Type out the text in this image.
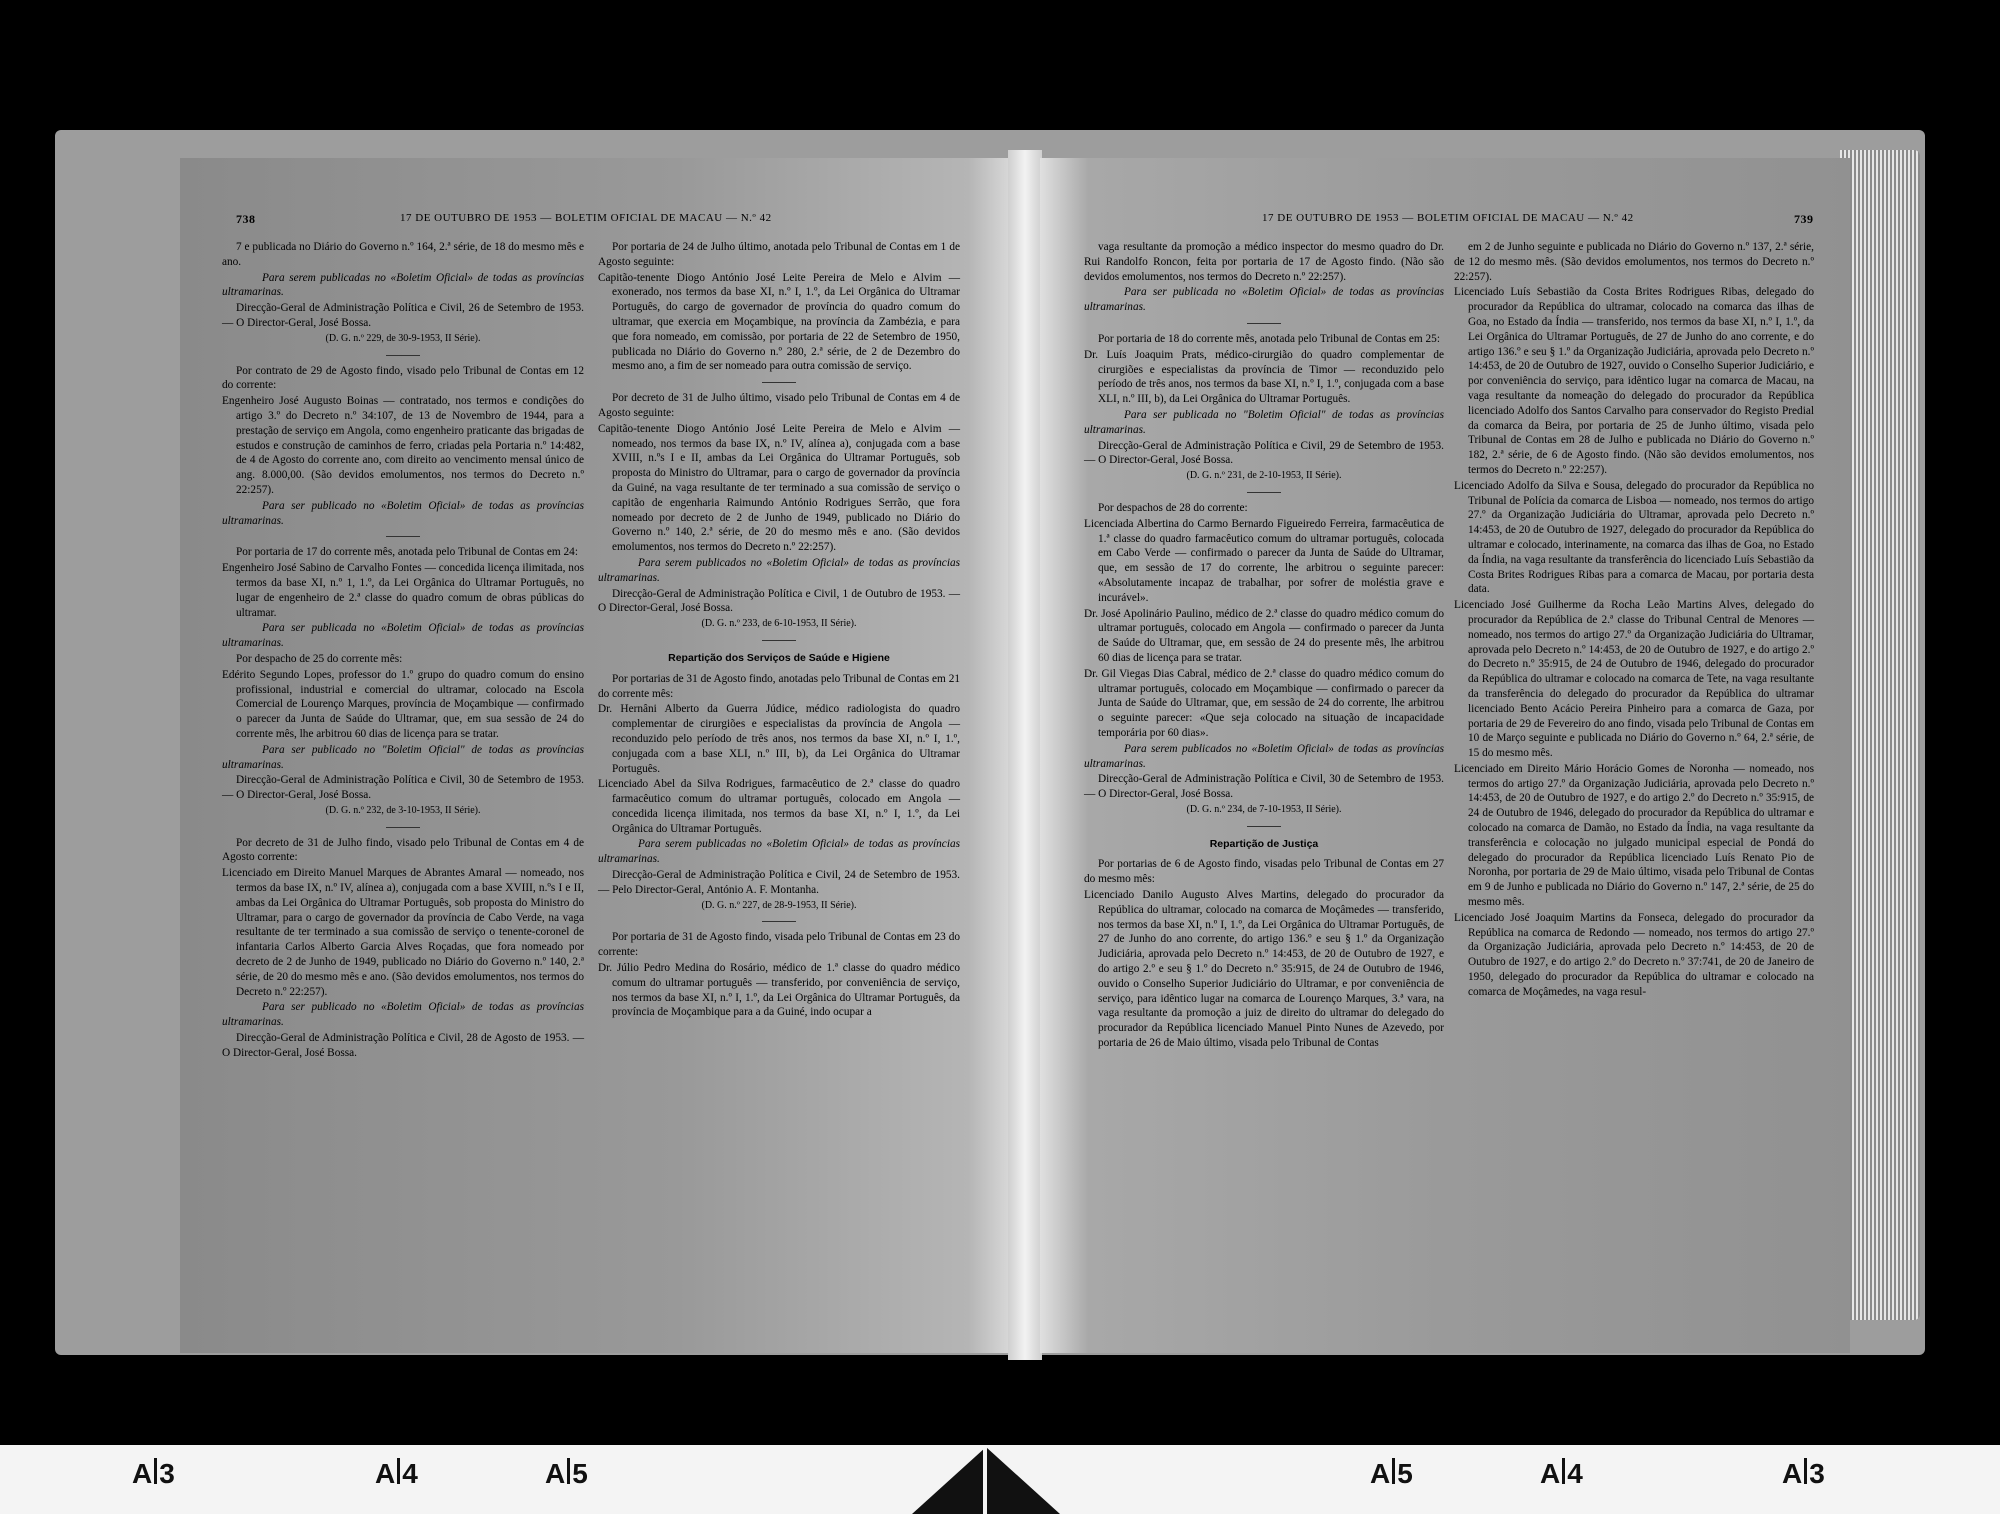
738	17 DE OUTUBRO DE 1953 — BOLETIM OFICIAL DE MACAU — N.º 42

7 e publicada no Diário do Governo n.º 164, 2.ª série, de 18 do mesmo mês e ano.

Para serem publicadas no «Boletim Oficial» de todas as províncias ultramarinas.

Direcção-Geral de Administração Política e Civil, 26 de Setembro de 1953. — O Director-Geral, José Bossa.

(D. G. n.º 229, de 30-9-1953, II Série).

Por contrato de 29 de Agosto findo, visado pelo Tribunal de Contas em 12 do corrente:

Engenheiro José Augusto Boinas — contratado, nos termos e condições do artigo 3.º do Decreto n.º 34:107, de 13 de Novembro de 1944, para a prestação de serviço em Angola, como engenheiro praticante das brigadas de estudos e construção de caminhos de ferro, criadas pela Portaria n.º 14:482, de 4 de Agosto do corrente ano, com direito ao vencimento mensal único de ang. 8.000,00. (São devidos emolumentos, nos termos do Decreto n.º 22:257).

Para ser publicado no «Boletim Oficial» de todas as províncias ultramarinas.

Por portaria de 17 do corrente mês, anotada pelo Tribunal de Contas em 24:

Engenheiro José Sabino de Carvalho Fontes — concedida licença ilimitada, nos termos da base XI, n.º 1, 1.º, da Lei Orgânica do Ultramar Português, no lugar de engenheiro de 2.ª classe do quadro comum de obras públicas do ultramar.

Para ser publicada no «Boletim Oficial» de todas as províncias ultramarinas.

Por despacho de 25 do corrente mês:

Edérito Segundo Lopes, professor do 1.º grupo do quadro comum do ensino profissional, industrial e comercial do ultramar, colocado na Escola Comercial de Lourenço Marques, província de Moçambique — confirmado o parecer da Junta de Saúde do Ultramar, que, em sua sessão de 24 do corrente mês, lhe arbitrou 60 dias de licença para se tratar.

Para ser publicado no "Boletim Oficial" de todas as províncias ultramarinas.

Direcção-Geral de Administração Política e Civil, 30 de Setembro de 1953. — O Director-Geral, José Bossa.

(D. G. n.º 232, de 3-10-1953, II Série).

Por decreto de 31 de Julho findo, visado pelo Tribunal de Contas em 4 de Agosto corrente:

Licenciado em Direito Manuel Marques de Abrantes Amaral — nomeado, nos termos da base IX, n.º IV, alínea a), conjugada com a base XVIII, n.ºs I e II, ambas da Lei Orgânica do Ultramar Português, sob proposta do Ministro do Ultramar, para o cargo de governador da província de Cabo Verde, na vaga resultante de ter terminado a sua comissão de serviço o tenente-coronel de infantaria Carlos Alberto Garcia Alves Roçadas, que fora nomeado por decreto de 2 de Junho de 1949, publicado no Diário do Governo n.º 140, 2.ª série, de 20 do mesmo mês e ano. (São devidos emolumentos, nos termos do Decreto n.º 22:257).

Para ser publicado no «Boletim Oficial» de todas as províncias ultramarinas.

Direcção-Geral de Administração Política e Civil, 28 de Agosto de 1953. — O Director-Geral, José Bossa.

Por portaria de 24 de Julho último, anotada pelo Tribunal de Contas em 1 de Agosto seguinte:

Capitão-tenente Diogo António José Leite Pereira de Melo e Alvim — exonerado, nos termos da base XI, n.º I, 1.º, da Lei Orgânica do Ultramar Português, do cargo de governador de província do quadro comum do ultramar, que exercia em Moçambique, na província da Zambézia, e para que fora nomeado, em comissão, por portaria de 22 de Setembro de 1950, publicada no Diário do Governo n.º 280, 2.ª série, de 2 de Dezembro do mesmo ano, a fim de ser nomeado para outra comissão de serviço.

Por decreto de 31 de Julho último, visado pelo Tribunal de Contas em 4 de Agosto seguinte:

Capitão-tenente Diogo António José Leite Pereira de Melo e Alvim — nomeado, nos termos da base IX, n.º IV, alínea a), conjugada com a base XVIII, n.ºs I e II, ambas da Lei Orgânica do Ultramar Português, sob proposta do Ministro do Ultramar, para o cargo de governador da província da Guiné, na vaga resultante de ter terminado a sua comissão de serviço o capitão de engenharia Raimundo António Rodrigues Serrão, que fora nomeado por decreto de 2 de Junho de 1949, publicado no Diário do Governo n.º 140, 2.ª série, de 20 do mesmo mês e ano. (São devidos emolumentos, nos termos do Decreto n.º 22:257).

Para serem publicados no «Boletim Oficial» de todas as províncias ultramarinas.

Direcção-Geral de Administração Política e Civil, 1 de Outubro de 1953. — O Director-Geral, José Bossa.

(D. G. n.º 233, de 6-10-1953, II Série).

Repartição dos Serviços de Saúde e Higiene

Por portarias de 31 de Agosto findo, anotadas pelo Tribunal de Contas em 21 do corrente mês:

Dr. Hernâni Alberto da Guerra Júdice, médico radiologista do quadro complementar de cirurgiões e especialistas da província de Angola — reconduzido pelo período de três anos, nos termos da base XI, n.º I, 1.º, conjugada com a base XLI, n.º III, b), da Lei Orgânica do Ultramar Português.

Licenciado Abel da Silva Rodrigues, farmacêutico de 2.ª classe do quadro farmacêutico comum do ultramar português, colocado em Angola — concedida licença ilimitada, nos termos da base XI, n.º I, 1.º, da Lei Orgânica do Ultramar Português.

Para serem publicadas no «Boletim Oficial» de todas as províncias ultramarinas.

Direcção-Geral de Administração Política e Civil, 24 de Setembro de 1953. — Pelo Director-Geral, António A. F. Montanha.

(D. G. n.º 227, de 28-9-1953, II Série).

Por portaria de 31 de Agosto findo, visada pelo Tribunal de Contas em 23 do corrente:

Dr. Júlio Pedro Medina do Rosário, médico de 1.ª classe do quadro médico comum do ultramar português — transferido, por conveniência de serviço, nos termos da base XI, n.º I, 1.º, da Lei Orgânica do Ultramar Português, da província de Moçambique para a da Guiné, indo ocupar a

17 DE OUTUBRO DE 1953 — BOLETIM OFICIAL DE MACAU — N.º 42	739

vaga resultante da promoção a médico inspector do mesmo quadro do Dr. Rui Randolfo Roncon, feita por portaria de 17 de Agosto findo. (Não são devidos emolumentos, nos termos do Decreto n.º 22:257).

Para ser publicada no «Boletim Oficial» de todas as províncias ultramarinas.

Por portaria de 18 do corrente mês, anotada pelo Tribunal de Contas em 25:

Dr. Luís Joaquim Prats, médico-cirurgião do quadro complementar de cirurgiões e especialistas da província de Timor — reconduzido pelo período de três anos, nos termos da base XI, n.º I, 1.º, conjugada com a base XLI, n.º III, b), da Lei Orgânica do Ultramar Português.

Para ser publicada no "Boletim Oficial" de todas as províncias ultramarinas.

Direcção-Geral de Administração Política e Civil, 29 de Setembro de 1953. — O Director-Geral, José Bossa.

(D. G. n.º 231, de 2-10-1953, II Série).

Por despachos de 28 do corrente:

Licenciada Albertina do Carmo Bernardo Figueiredo Ferreira, farmacêutica de 1.ª classe do quadro farmacêutico comum do ultramar português, colocada em Cabo Verde — confirmado o parecer da Junta de Saúde do Ultramar, que, em sessão de 17 do corrente, lhe arbitrou o seguinte parecer: «Absolutamente incapaz de trabalhar, por sofrer de moléstia grave e incurável».

Dr. José Apolinário Paulino, médico de 2.ª classe do quadro médico comum do ultramar português, colocado em Angola — confirmado o parecer da Junta de Saúde do Ultramar, que, em sessão de 24 do presente mês, lhe arbitrou 60 dias de licença para se tratar.

Dr. Gil Viegas Dias Cabral, médico de 2.ª classe do quadro médico comum do ultramar português, colocado em Moçambique — confirmado o parecer da Junta de Saúde do Ultramar, que, em sessão de 24 do corrente, lhe arbitrou o seguinte parecer: «Que seja colocado na situação de incapacidade temporária por 60 dias».

Para serem publicados no «Boletim Oficial» de todas as províncias ultramarinas.

Direcção-Geral de Administração Política e Civil, 30 de Setembro de 1953. — O Director-Geral, José Bossa.

(D. G. n.º 234, de 7-10-1953, II Série).

Repartição de Justiça

Por portarias de 6 de Agosto findo, visadas pelo Tribunal de Contas em 27 do mesmo mês:

Licenciado Danilo Augusto Alves Martins, delegado do procurador da República do ultramar, colocado na comarca de Moçâmedes — transferido, nos termos da base XI, n.º I, 1.º, da Lei Orgânica do Ultramar Português, de 27 de Junho do ano corrente, do artigo 136.º e seu § 1.º da Organização Judiciária, aprovada pelo Decreto n.º 14:453, de 20 de Outubro de 1927, e do artigo 2.º e seu § 1.º do Decreto n.º 35:915, de 24 de Outubro de 1946, ouvido o Conselho Superior Judiciário do Ultramar, e por conveniência de serviço, para idêntico lugar na comarca de Lourenço Marques, 3.ª vara, na vaga resultante da promoção a juiz de direito do ultramar do delegado do procurador da República licenciado Manuel Pinto Nunes de Azevedo, por portaria de 26 de Maio último, visada pelo Tribunal de Contas

em 2 de Junho seguinte e publicada no Diário do Governo n.º 137, 2.ª série, de 12 do mesmo mês. (São devidos emolumentos, nos termos do Decreto n.º 22:257).

Licenciado Luís Sebastião da Costa Brites Rodrigues Ribas, delegado do procurador da República do ultramar, colocado na comarca das ilhas de Goa, no Estado da Índia — transferido, nos termos da base XI, n.º I, 1.º, da Lei Orgânica do Ultramar Português, de 27 de Junho do ano corrente, e do artigo 136.º e seu § 1.º da Organização Judiciária, aprovada pelo Decreto n.º 14:453, de 20 de Outubro de 1927, ouvido o Conselho Superior Judiciário, e por conveniência do serviço, para idêntico lugar na comarca de Macau, na vaga resultante da nomeação do delegado do procurador da República licenciado Adolfo dos Santos Carvalho para conservador do Registo Predial da comarca da Beira, por portaria de 25 de Junho último, visada pelo Tribunal de Contas em 28 de Julho e publicada no Diário do Governo n.º 182, 2.ª série, de 6 de Agosto findo. (Não são devidos emolumentos, nos termos do Decreto n.º 22:257).

Licenciado Adolfo da Silva e Sousa, delegado do procurador da República no Tribunal de Polícia da comarca de Lisboa — nomeado, nos termos do artigo 27.º da Organização Judiciária do Ultramar, aprovada pelo Decreto n.º 14:453, de 20 de Outubro de 1927, delegado do procurador da República do ultramar e colocado, interinamente, na comarca das ilhas de Goa, no Estado da Índia, na vaga resultante da transferência do licenciado Luís Sebastião da Costa Brites Rodrigues Ribas para a comarca de Macau, por portaria desta data.

Licenciado José Guilherme da Rocha Leão Martins Alves, delegado do procurador da República de 2.ª classe do Tribunal Central de Menores — nomeado, nos termos do artigo 27.º da Organização Judiciária do Ultramar, aprovada pelo Decreto n.º 14:453, de 20 de Outubro de 1927, e do artigo 2.º do Decreto n.º 35:915, de 24 de Outubro de 1946, delegado do procurador da República do ultramar e colocado na comarca de Tete, na vaga resultante da transferência do delegado do procurador da República do ultramar licenciado Bento Acácio Pereira Pinheiro para a comarca de Gaza, por portaria de 29 de Fevereiro do ano findo, visada pelo Tribunal de Contas em 10 de Março seguinte e publicada no Diário do Governo n.º 64, 2.ª série, de 15 do mesmo mês.

Licenciado em Direito Mário Horácio Gomes de Noronha — nomeado, nos termos do artigo 27.º da Organização Judiciária, aprovada pelo Decreto n.º 14:453, de 20 de Outubro de 1927, e do artigo 2.º do Decreto n.º 35:915, de 24 de Outubro de 1946, delegado do procurador da República do ultramar e colocado na comarca de Damão, no Estado da Índia, na vaga resultante da transferência e colocação no julgado municipal especial de Pondá do delegado do procurador da República licenciado Luís Renato Pio de Noronha, por portaria de 29 de Maio último, visada pelo Tribunal de Contas em 9 de Junho e publicada no Diário do Governo n.º 147, 2.ª série, de 25 do mesmo mês.

Licenciado José Joaquim Martins da Fonseca, delegado do procurador da República na comarca de Redondo — nomeado, nos termos do artigo 27.º da Organização Judiciária, aprovada pelo Decreto n.º 14:453, de 20 de Outubro de 1927, e do artigo 2.º do Decreto n.º 37:741, de 20 de Janeiro de 1950, delegado do procurador da República do ultramar e colocado na comarca de Moçâmedes, na vaga resul-

A 3	A 4	A 5	A 5	A 4	A 3
